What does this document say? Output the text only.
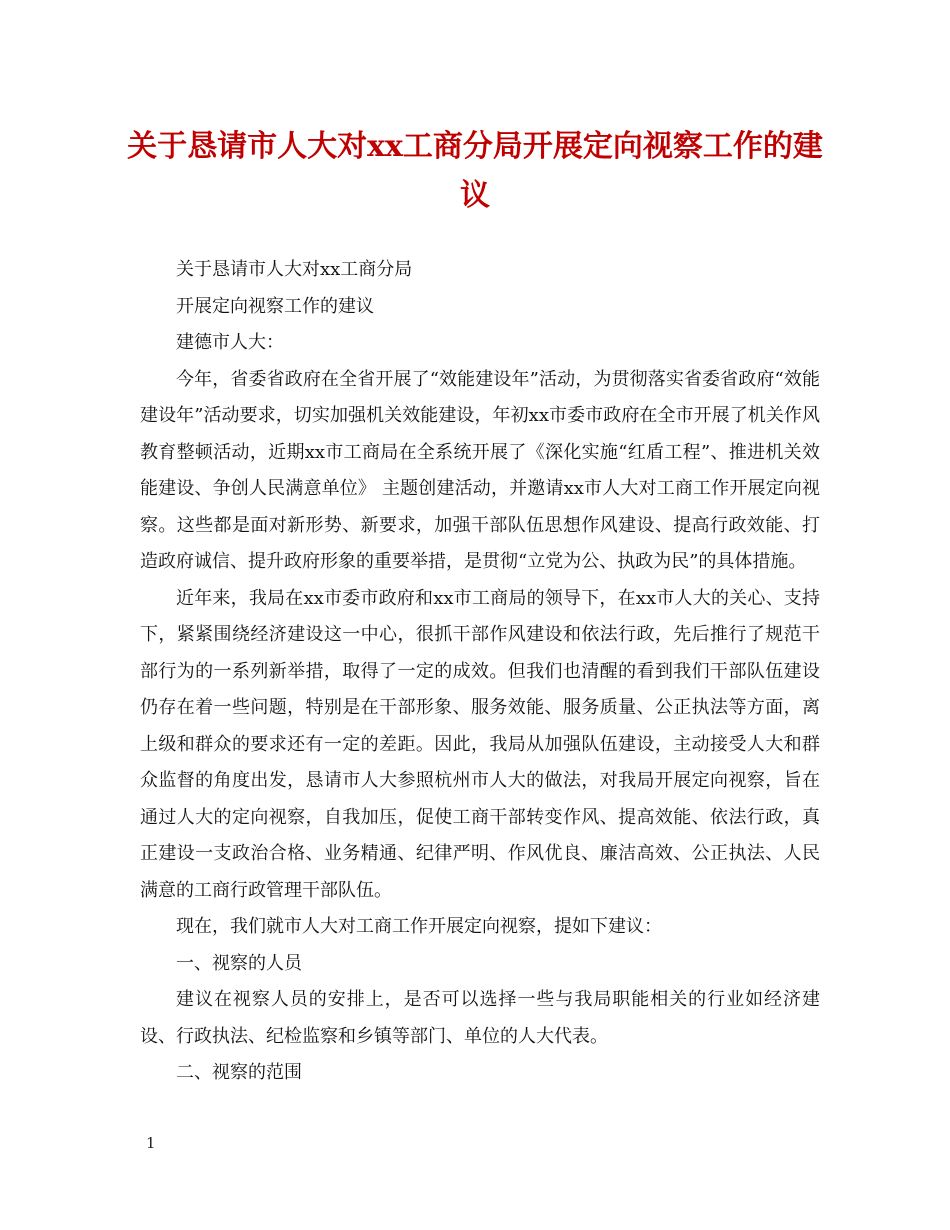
关于恳请市人大对xx工商分局开展定向视察工作的建议

关于恳请市人大对xx工商分局

开展定向视察工作的建议

建德市人大：

今年，省委省政府在全省开展了“效能建设年”活动，为贯彻落实省委省政府“效能建设年”活动要求，切实加强机关效能建设，年初xx市委市政府在全市开展了机关作风教育整顿活动，近期xx市工商局在全系统开展了《深化实施“红盾工程”、推进机关效能建设、争创人民满意单位》 主题创建活动，并邀请xx市人大对工商工作开展定向视察。这些都是面对新形势、新要求，加强干部队伍思想作风建设、提高行政效能、打造政府诚信、提升政府形象的重要举措，是贯彻“立党为公、执政为民”的具体措施。

近年来，我局在xx市委市政府和xx市工商局的领导下，在xx市人大的关心、支持下，紧紧围绕经济建设这一中心，很抓干部作风建设和依法行政，先后推行了规范干部行为的一系列新举措，取得了一定的成效。但我们也清醒的看到我们干部队伍建设仍存在着一些问题，特别是在干部形象、服务效能、服务质量、公正执法等方面，离上级和群众的要求还有一定的差距。因此，我局从加强队伍建设，主动接受人大和群众监督的角度出发，恳请市人大参照杭州市人大的做法，对我局开展定向视察，旨在通过人大的定向视察，自我加压，促使工商干部转变作风、提高效能、依法行政，真正建设一支政治合格、业务精通、纪律严明、作风优良、廉洁高效、公正执法、人民满意的工商行政管理干部队伍。

现在，我们就市人大对工商工作开展定向视察，提如下建议：

一、视察的人员

建议在视察人员的安排上，是否可以选择一些与我局职能相关的行业如经济建设、行政执法、纪检监察和乡镇等部门、单位的人大代表。

二、视察的范围

1
